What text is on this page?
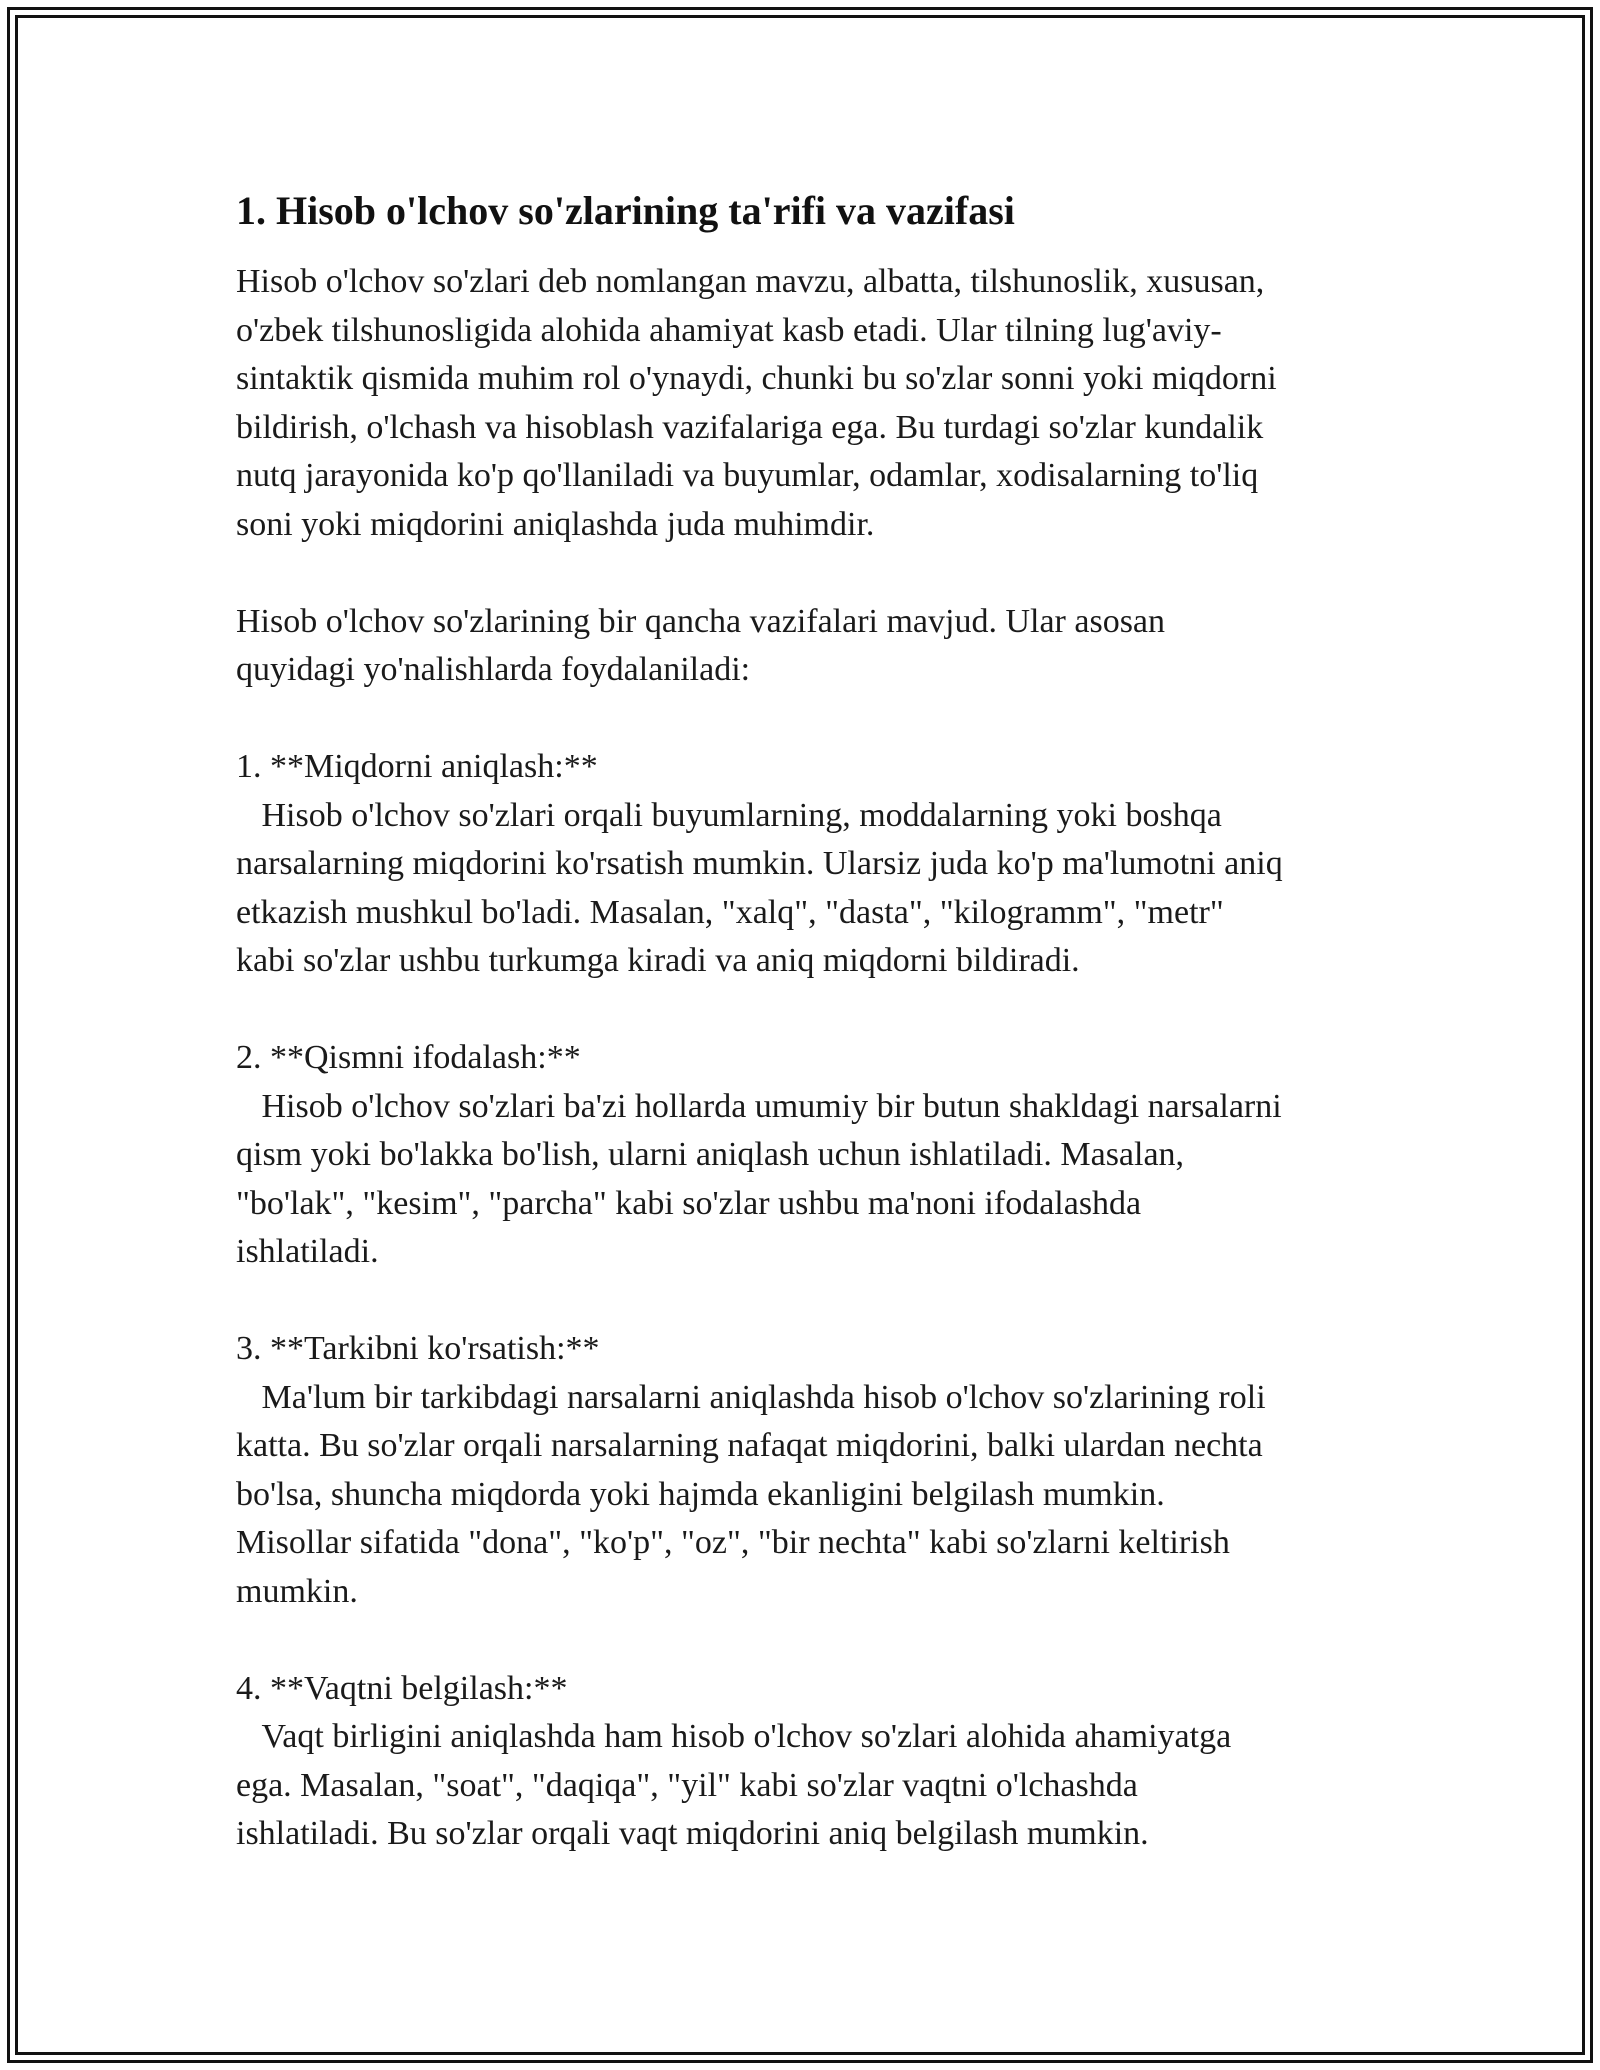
1. Hisob o'lchov so'zlarining ta'rifi va vazifasi

Hisob o'lchov so'zlari deb nomlangan mavzu, albatta, tilshunoslik, xususan,
o'zbek tilshunosligida alohida ahamiyat kasb etadi. Ular tilning lug'aviy-
sintaktik qismida muhim rol o'ynaydi, chunki bu so'zlar sonni yoki miqdorni
bildirish, o'lchash va hisoblash vazifalariga ega. Bu turdagi so'zlar kundalik
nutq jarayonida ko'p qo'llaniladi va buyumlar, odamlar, xodisalarning to'liq
soni yoki miqdorini aniqlashda juda muhimdir.

Hisob o'lchov so'zlarining bir qancha vazifalari mavjud. Ular asosan
quyidagi yo'nalishlarda foydalaniladi:

1. **Miqdorni aniqlash:**
Hisob o'lchov so'zlari orqali buyumlarning, moddalarning yoki boshqa
narsalarning miqdorini ko'rsatish mumkin. Ularsiz juda ko'p ma'lumotni aniq
etkazish mushkul bo'ladi. Masalan, "xalq", "dasta", "kilogramm", "metr"
kabi so'zlar ushbu turkumga kiradi va aniq miqdorni bildiradi.

2. **Qismni ifodalash:**
Hisob o'lchov so'zlari ba'zi hollarda umumiy bir butun shakldagi narsalarni
qism yoki bo'lakka bo'lish, ularni aniqlash uchun ishlatiladi. Masalan,
"bo'lak", "kesim", "parcha" kabi so'zlar ushbu ma'noni ifodalashda
ishlatiladi.

3. **Tarkibni ko'rsatish:**
Ma'lum bir tarkibdagi narsalarni aniqlashda hisob o'lchov so'zlarining roli
katta. Bu so'zlar orqali narsalarning nafaqat miqdorini, balki ulardan nechta
bo'lsa, shuncha miqdorda yoki hajmda ekanligini belgilash mumkin.
Misollar sifatida "dona", "ko'p", "oz", "bir nechta" kabi so'zlarni keltirish
mumkin.

4. **Vaqtni belgilash:**
Vaqt birligini aniqlashda ham hisob o'lchov so'zlari alohida ahamiyatga
ega. Masalan, "soat", "daqiqa", "yil" kabi so'zlar vaqtni o'lchashda
ishlatiladi. Bu so'zlar orqali vaqt miqdorini aniq belgilash mumkin.
